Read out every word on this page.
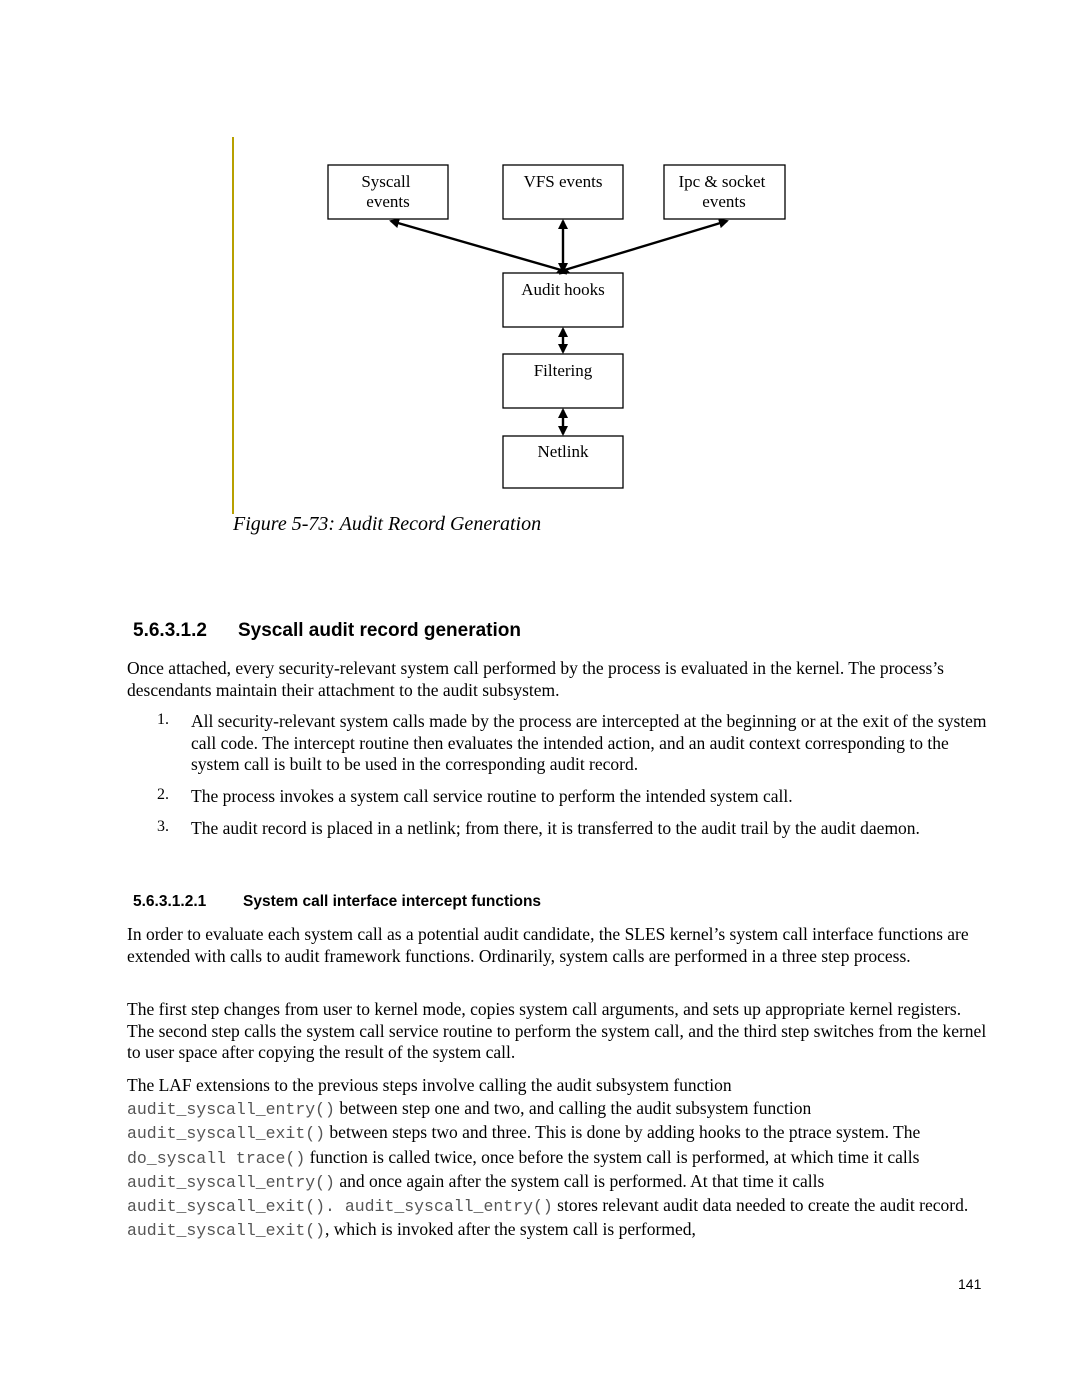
Syscall events
VFS events	Ipc & socket events
Audit hooks
Filtering
Netlink
Figure 5-73: Audit Record Generation
5.6.3.1.2 Syscall audit record generation

Once attached, every security-relevant system call performed by the process is evaluated in the kernel. The process’s descendants maintain their attachment to the audit subsystem.

1.	All security-relevant system calls made by the process are intercepted at the beginning or at the exit of the system call code. The intercept routine then evaluates the intended action, and an audit context corresponding to the system call is built to be used in the corresponding audit record.

2.	The process invokes a system call service routine to perform the intended system call.

3.	The audit record is placed in a netlink; from there, it is transferred to the audit trail by the audit daemon.

5.6.3.1.2.1 System call interface intercept functions

In order to evaluate each system call as a potential audit candidate, the SLES kernel’s system call interface functions are extended with calls to audit framework functions. Ordinarily, system calls are performed in a three step process.

The first step changes from user to kernel mode, copies system call arguments, and sets up appropriate kernel registers. The second step calls the system call service routine to perform the system call, and the third step switches from the kernel to user space after copying the result of the system call.

The LAF extensions to the previous steps involve calling the audit subsystem function
audit_syscall_entry() between step one and two, and calling the audit subsystem function audit_syscall_exit() between steps two and three. This is done by adding hooks to the ptrace system. The do_syscall trace() function is called twice, once before the system call is performed, at which time it calls audit_syscall_entry() and once again after the system call is performed. At that time it calls audit_syscall_exit(). audit_syscall_entry() stores relevant audit data needed to create the audit record. audit_syscall_exit(), which is invoked after the system call is performed,

141
